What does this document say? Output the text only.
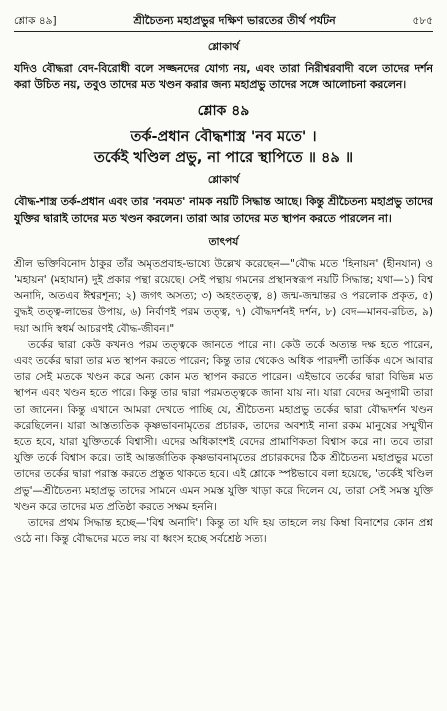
শ্লোক ৪৯]	শ্রীচৈতন্য মহাপ্রভুর দক্ষিণ ভারতের তীর্থ পর্যটন	৫৮৫
শ্লোকার্থ

যদিও বৌদ্ধরা বেদ-বিরোধী বলে সজ্জনদের যোগ্য নয়, এবং তারা নিরীশ্বরবাদী বলে তাদের দর্শন করা উচিত নয়, তবুও তাদের মত খণ্ডন করার জন্য মহাপ্রভু তাদের সঙ্গে আলোচনা করলেন।

শ্লোক ৪৯
তর্ক-প্রধান বৌদ্ধশাস্ত্র 'নব মতে' ।
তর্কেই খণ্ডিল প্রভু, না পারে স্থাপিতে ॥ ৪৯ ॥
শ্লোকার্থ

বৌদ্ধ-শাস্ত্র তর্ক-প্রধান এবং তার 'নবমত' নামক নয়টি সিদ্ধান্ত আছে। কিন্তু শ্রীচৈতন্য মহাপ্রভু তাদের যুক্তির দ্বারাই তাদের মত খণ্ডন করলেন। তারা আর তাদের মত স্থাপন করতে পারলেন না।

তাৎপর্য

শ্রীল ভক্তিবিনোদ ঠাকুর তাঁর অমৃতপ্রবাহ-ভাষ্যে উল্লেখ করেছেন—"বৌদ্ধ মতে 'হিনায়ন' (হীনযান) ও 'মহায়ন' (মহাযান) দুই প্রকার পন্থা রয়েছে। সেই পন্থায় গমনের প্রস্থানস্বরূপ নয়টি সিদ্ধান্ত; যথা—১) বিশ্ব অনাদি, অতএব ঈশ্বরশূন্য; ২) জগৎ অসত্য; ৩) অহংতত্ত্ব, ৪) জন্ম-জন্মান্তর ও পরলোক প্রকৃত, ৫) বুদ্ধই তত্ত্ব-লাভের উপায়, ৬) নির্বাণই পরম তত্ত্ব, ৭) বৌদ্ধদর্শনই দর্শন, ৮) বেদ—মানব-রচিত, ৯) দয়া আদি স্বধর্ম আচরণই বৌদ্ধ-জীবন।"

তর্কের দ্বারা কেউ কখনও পরম তত্ত্বকে জানতে পারে না। কেউ তর্কে অত্যন্ত দক্ষ হতে পারেন, এবং তর্কের দ্বারা তার মত স্থাপন করতে পারেন; কিন্তু তার থেকেও অধিক পারদর্শী তার্কিক এসে আবার তার সেই মতকে খণ্ডন করে অন্য কোন মত স্থাপন করতে পারেন। এইভাবে তর্কের দ্বারা বিভিন্ন মত স্থাপন এবং খণ্ডন হতে পারে। কিন্তু তার দ্বারা পরমতত্ত্বকে জানা যায় না। যারা বেদের অনুগামী তারা তা জানেন। কিন্তু এখানে আমরা দেখতে পাচ্ছি যে, শ্রীচৈতন্য মহাপ্রভু তর্কের দ্বারা বৌদ্ধদর্শন খণ্ডন করেছিলেন। যারা আস্তত্যতিক কৃষ্ণভাবনামৃতের প্রচারক, তাদের অবশ্যই নানা রকম মানুষের সম্মুখীন হতে হবে, যারা যুক্তিতর্কে বিশ্বাসী। এদের অধিকাংশই বেদের প্রামাণিকতা বিশ্বাস করে না। তবে তারা যুক্তি তর্কে বিশ্বাস করে। তাই আন্তর্জাতিক কৃষ্ণভাবনামৃতের প্রচারকদের ঠিক শ্রীচৈতন্য মহাপ্রভুর মতো তাদের তর্কের দ্বারা পরাস্ত করতে প্রস্তুত থাকতে হবে। এই শ্লোকে স্পষ্টভাবে বলা হয়েছে, 'তর্কেই খণ্ডিল প্রভু'—শ্রীচৈতন্য মহাপ্রভু তাদের সামনে এমন সমস্ত যুক্তি খাড়া করে দিলেন যে, তারা সেই সমস্ত যুক্তি খণ্ডন করে তাদের মত প্রতিষ্ঠা করতে সক্ষম হননি।

তাদের প্রথম সিদ্ধান্ত হচ্ছে—'বিশ্ব অনাদি'। কিন্তু তা যদি হয় তাহলে লয় কিম্বা বিনাশের কোন প্রশ্ন ওঠে না। কিন্তু বৌদ্ধদের মতে লয় বা ধ্বংস হচ্ছে সর্বশ্রেষ্ঠ সত্য।
